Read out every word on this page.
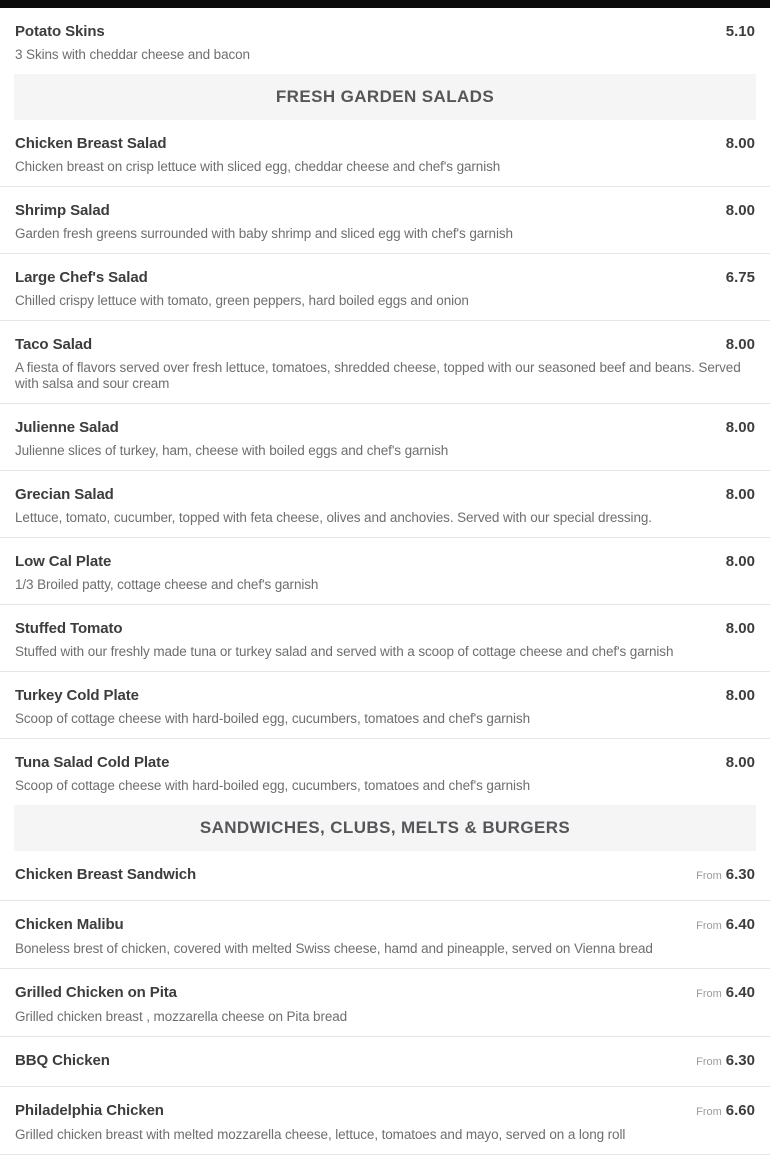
Potato Skins	5.10

3 Skins with cheddar cheese and bacon

FRESH GARDEN SALADS
Chicken Breast Salad	8.00

Chicken breast on crisp lettuce with sliced egg, cheddar cheese and chef's garnish

Shrimp Salad	8.00

Garden fresh greens surrounded with baby shrimp and sliced egg with chef's garnish

Large Chef's Salad	6.75

Chilled crispy lettuce with tomato, green peppers, hard boiled eggs and onion

Taco Salad	8.00

A fiesta of flavors served over fresh lettuce, tomatoes, shredded cheese, topped with our seasoned beef and beans. Served with salsa and sour cream

Julienne Salad	8.00

Julienne slices of turkey, ham, cheese with boiled eggs and chef's garnish

Grecian Salad	8.00

Lettuce, tomato, cucumber, topped with feta cheese, olives and anchovies. Served with our special dressing.

Low Cal Plate	8.00

1/3 Broiled patty, cottage cheese and chef's garnish

Stuffed Tomato	8.00

Stuffed with our freshly made tuna or turkey salad and served with a scoop of cottage cheese and chef's garnish

Turkey Cold Plate	8.00

Scoop of cottage cheese with hard-boiled egg, cucumbers, tomatoes and chef's garnish

Tuna Salad Cold Plate	8.00

Scoop of cottage cheese with hard-boiled egg, cucumbers, tomatoes and chef's garnish

SANDWICHES, CLUBS, MELTS & BURGERS
Chicken Breast Sandwich	From 6.30
Chicken Malibu	From 6.40

Boneless brest of chicken, covered with melted Swiss cheese, hamd and pineapple, served on Vienna bread

Grilled Chicken on Pita	From 6.40

Grilled chicken breast , mozzarella cheese on Pita bread

BBQ Chicken	From 6.30
Philadelphia Chicken	From 6.60

Grilled chicken breast with melted mozzarella cheese, lettuce, tomatoes and mayo, served on a long roll
